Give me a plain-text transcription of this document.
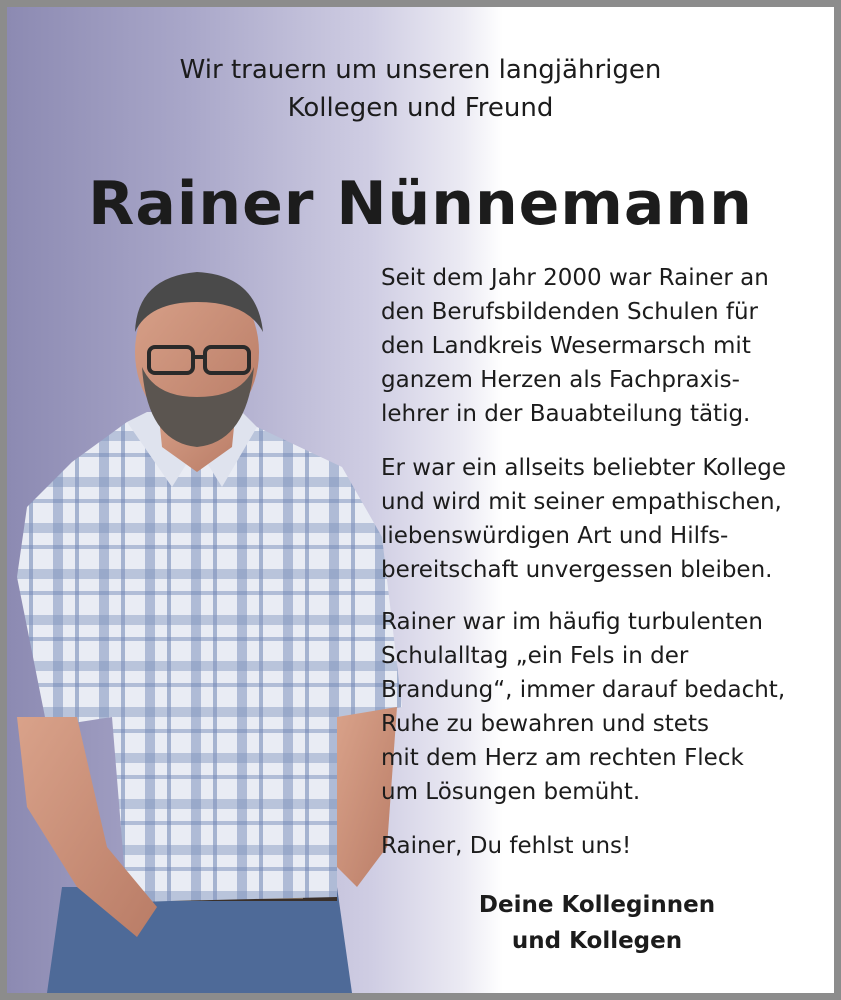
Wir trauern um unseren langjährigen
Kollegen und Freund
Rainer Nünnemann
Seit dem Jahr 2000 war Rainer an
den Berufsbildenden Schulen für
den Landkreis Wesermarsch mit
ganzem Herzen als Fachpraxis-
lehrer in der Bauabteilung tätig.
Er war ein allseits beliebter Kollege
und wird mit seiner empathischen,
liebenswürdigen Art und Hilfs-
bereitschaft unvergessen bleiben.
Rainer war im häufig turbulenten
Schulalltag „ein Fels in der
Brandung“, immer darauf bedacht,
Ruhe zu bewahren und stets
mit dem Herz am rechten Fleck
um Lösungen bemüht.
Rainer, Du fehlst uns!
Deine Kolleginnen
und Kollegen
